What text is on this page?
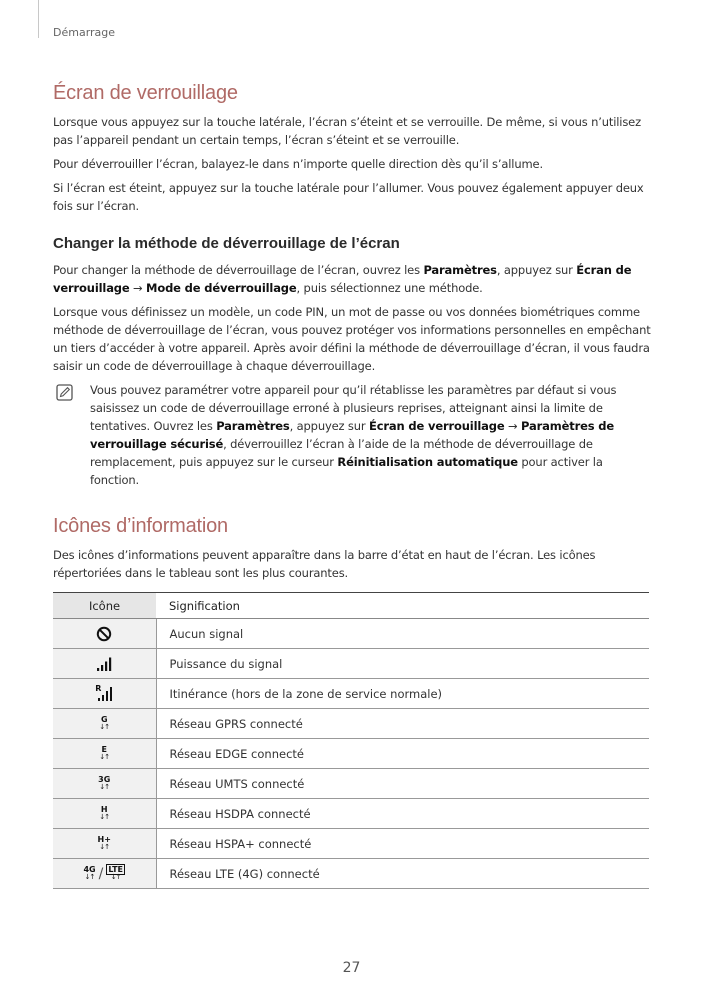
Démarrage
Écran de verrouillage

Lorsque vous appuyez sur la touche latérale, l’écran s’éteint et se verrouille. De même, si vous n’utilisez pas l’appareil pendant un certain temps, l’écran s’éteint et se verrouille.

Pour déverrouiller l’écran, balayez-le dans n’importe quelle direction dès qu’il s’allume.

Si l’écran est éteint, appuyez sur la touche latérale pour l’allumer. Vous pouvez également appuyer deux fois sur l’écran.

Changer la méthode de déverrouillage de l’écran

Pour changer la méthode de déverrouillage de l’écran, ouvrez les Paramètres, appuyez sur Écran de verrouillage → Mode de déverrouillage, puis sélectionnez une méthode.

Lorsque vous définissez un modèle, un code PIN, un mot de passe ou vos données biométriques comme méthode de déverrouillage de l’écran, vous pouvez protéger vos informations personnelles en empêchant un tiers d’accéder à votre appareil. Après avoir défini la méthode de déverrouillage d’écran, il vous faudra saisir un code de déverrouillage à chaque déverrouillage.

Vous pouvez paramétrer votre appareil pour qu’il rétablisse les paramètres par défaut si vous saisissez un code de déverrouillage erroné à plusieurs reprises, atteignant ainsi la limite de tentatives. Ouvrez les Paramètres, appuyez sur Écran de verrouillage → Paramètres de verrouillage sécurisé, déverrouillez l’écran à l’aide de la méthode de déverrouillage de remplacement, puis appuyez sur le curseur Réinitialisation automatique pour activer la fonction.

Icônes d’information

Des icônes d’informations peuvent apparaître dans la barre d’état en haut de l’écran. Les icônes répertoriées dans le tableau sont les plus courantes.

Icône	Signification
	Aucun signal
	Puissance du signal

R	Itinérance (hors de la zone de service normale)

G
↓↑	Réseau GPRS connecté

E
↓↑	Réseau EDGE connecté

3G
↓↑	Réseau UMTS connecté

H
↓↑	Réseau HSDPA connecté

H+
↓↑	Réseau HSPA+ connecté

4G
↓↑ / LTE
↓↑	Réseau LTE (4G) connecté
27
